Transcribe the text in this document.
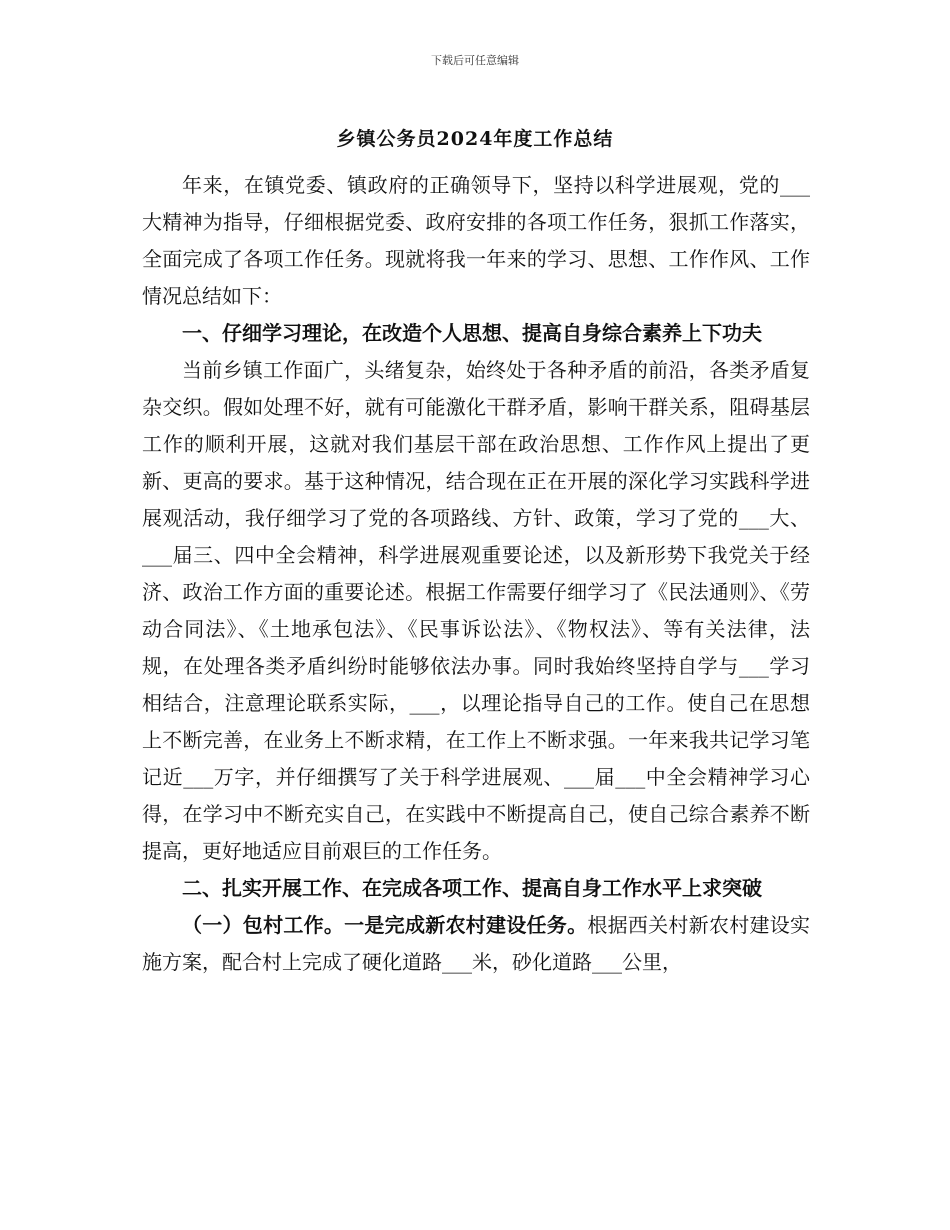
下载后可任意编辑
乡镇公务员2024年度工作总结

年来，在镇党委、镇政府的正确领导下，坚持以科学进展观，党的___大精神为指导，仔细根据党委、政府安排的各项工作任务，狠抓工作落实，全面完成了各项工作任务。现就将我一年来的学习、思想、工作作风、工作情况总结如下：

一、仔细学习理论，在改造个人思想、提高自身综合素养上下功夫

当前乡镇工作面广，头绪复杂，始终处于各种矛盾的前沿，各类矛盾复杂交织。假如处理不好，就有可能激化干群矛盾，影响干群关系，阻碍基层工作的顺利开展，这就对我们基层干部在政治思想、工作作风上提出了更新、更高的要求。基于这种情况，结合现在正在开展的深化学习实践科学进展观活动，我仔细学习了党的各项路线、方针、政策，学习了党的___大、___届三、四中全会精神，科学进展观重要论述，以及新形势下我党关于经济、政治工作方面的重要论述。根据工作需要仔细学习了《民法通则》、《劳动合同法》、《土地承包法》、《民事诉讼法》、《物权法》、等有关法律，法规，在处理各类矛盾纠纷时能够依法办事。同时我始终坚持自学与___学习相结合，注意理论联系实际，___，以理论指导自己的工作。使自己在思想上不断完善，在业务上不断求精，在工作上不断求强。一年来我共记学习笔记近___万字，并仔细撰写了关于科学进展观、___届___中全会精神学习心得，在学习中不断充实自己，在实践中不断提高自己，使自己综合素养不断提高，更好地适应目前艰巨的工作任务。

二、扎实开展工作、在完成各项工作、提高自身工作水平上求突破

（一）包村工作。一是完成新农村建设任务。根据西关村新农村建设实施方案，配合村上完成了硬化道路___米，砂化道路___公里，
